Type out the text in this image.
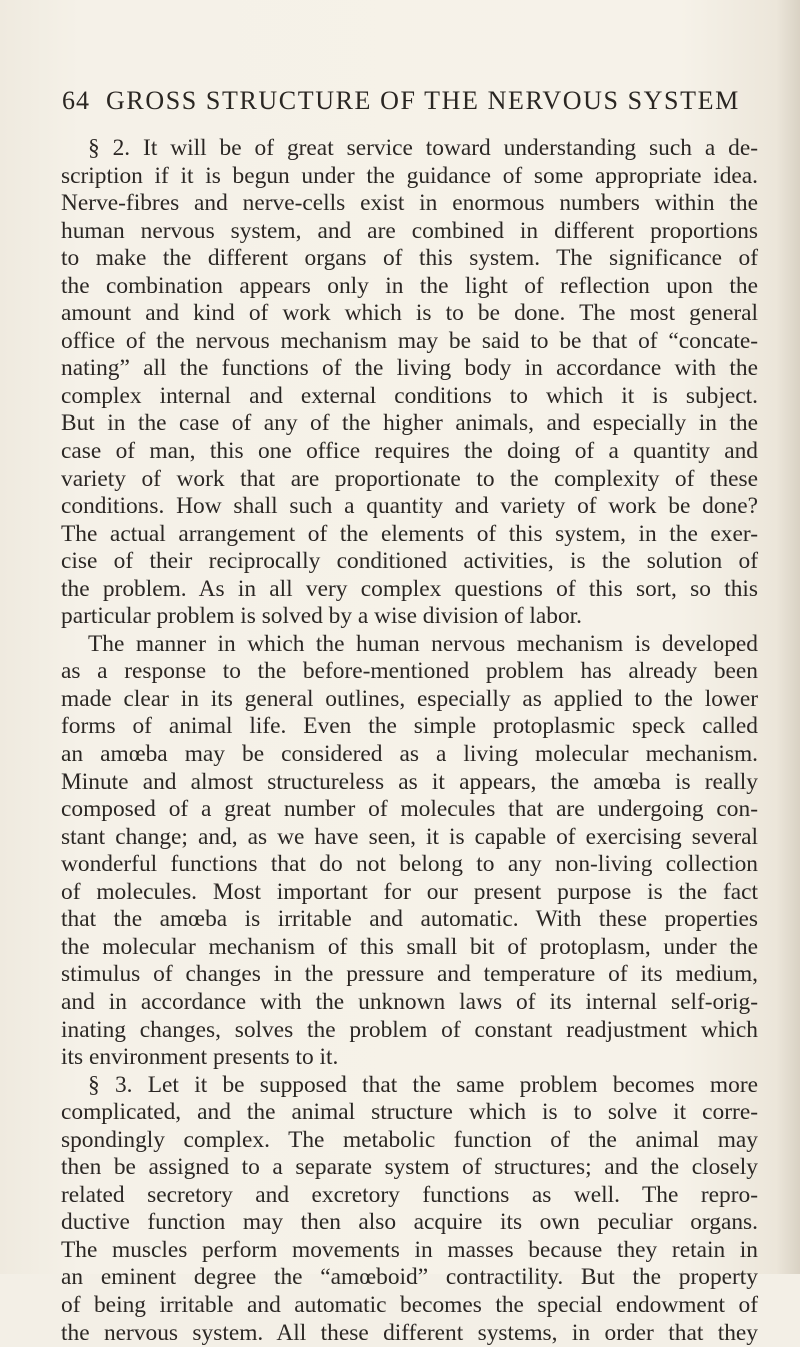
64 GROSS STRUCTURE OF THE NERVOUS SYSTEM
§ 2. It will be of great service toward understanding such a de-
scription if it is begun under the guidance of some appropriate idea.
Nerve-fibres and nerve-cells exist in enormous numbers within the
human nervous system, and are combined in different proportions
to make the different organs of this system. The significance of
the combination appears only in the light of reflection upon the
amount and kind of work which is to be done. The most general
office of the nervous mechanism may be said to be that of “concate-
nating” all the functions of the living body in accordance with the
complex internal and external conditions to which it is subject.
But in the case of any of the higher animals, and especially in the
case of man, this one office requires the doing of a quantity and
variety of work that are proportionate to the complexity of these
conditions. How shall such a quantity and variety of work be done?
The actual arrangement of the elements of this system, in the exer-
cise of their reciprocally conditioned activities, is the solution of
the problem. As in all very complex questions of this sort, so this
particular problem is solved by a wise division of labor.
The manner in which the human nervous mechanism is developed
as a response to the before-mentioned problem has already been
made clear in its general outlines, especially as applied to the lower
forms of animal life. Even the simple protoplasmic speck called
an amœba may be considered as a living molecular mechanism.
Minute and almost structureless as it appears, the amœba is really
composed of a great number of molecules that are undergoing con-
stant change; and, as we have seen, it is capable of exercising several
wonderful functions that do not belong to any non-living collection
of molecules. Most important for our present purpose is the fact
that the amœba is irritable and automatic. With these properties
the molecular mechanism of this small bit of protoplasm, under the
stimulus of changes in the pressure and temperature of its medium,
and in accordance with the unknown laws of its internal self-orig-
inating changes, solves the problem of constant readjustment which
its environment presents to it.
§ 3. Let it be supposed that the same problem becomes more
complicated, and the animal structure which is to solve it corre-
spondingly complex. The metabolic function of the animal may
then be assigned to a separate system of structures; and the closely
related secretory and excretory functions as well. The repro-
ductive function may then also acquire its own peculiar organs.
The muscles perform movements in masses because they retain in
an eminent degree the “amœboid” contractility. But the property
of being irritable and automatic becomes the special endowment of
the nervous system. All these different systems, in order that they
